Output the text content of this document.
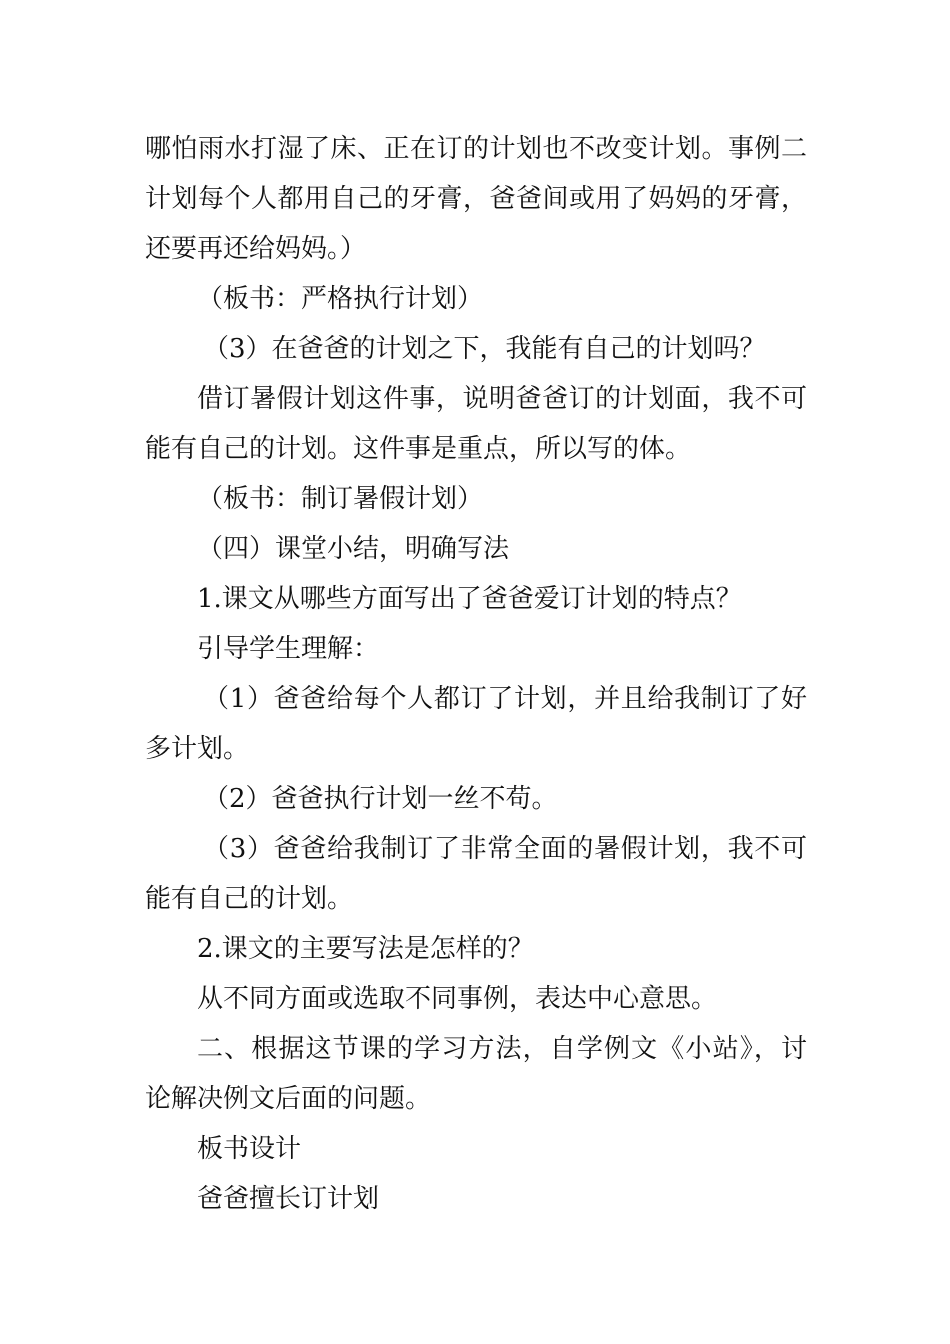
哪怕雨水打湿了床、正在订的计划也不改变计划。事例二计划每个人都用自己的牙膏，爸爸间或用了妈妈的牙膏，还要再还给妈妈。）

（板书：严格执行计划）

（3）在爸爸的计划之下，我能有自己的计划吗？

借订暑假计划这件事，说明爸爸订的计划面，我不可能有自己的计划。这件事是重点，所以写的体。

（板书：制订暑假计划）

（四）课堂小结，明确写法

1.课文从哪些方面写出了爸爸爱订计划的特点？

引导学生理解：

（1）爸爸给每个人都订了计划，并且给我制订了好多计划。

（2）爸爸执行计划一丝不苟。

（3）爸爸给我制订了非常全面的暑假计划，我不可能有自己的计划。

2.课文的主要写法是怎样的？

从不同方面或选取不同事例，表达中心意思。

二、根据这节课的学习方法，自学例文《小站》，讨论解决例文后面的问题。

板书设计

爸爸擅长订计划
